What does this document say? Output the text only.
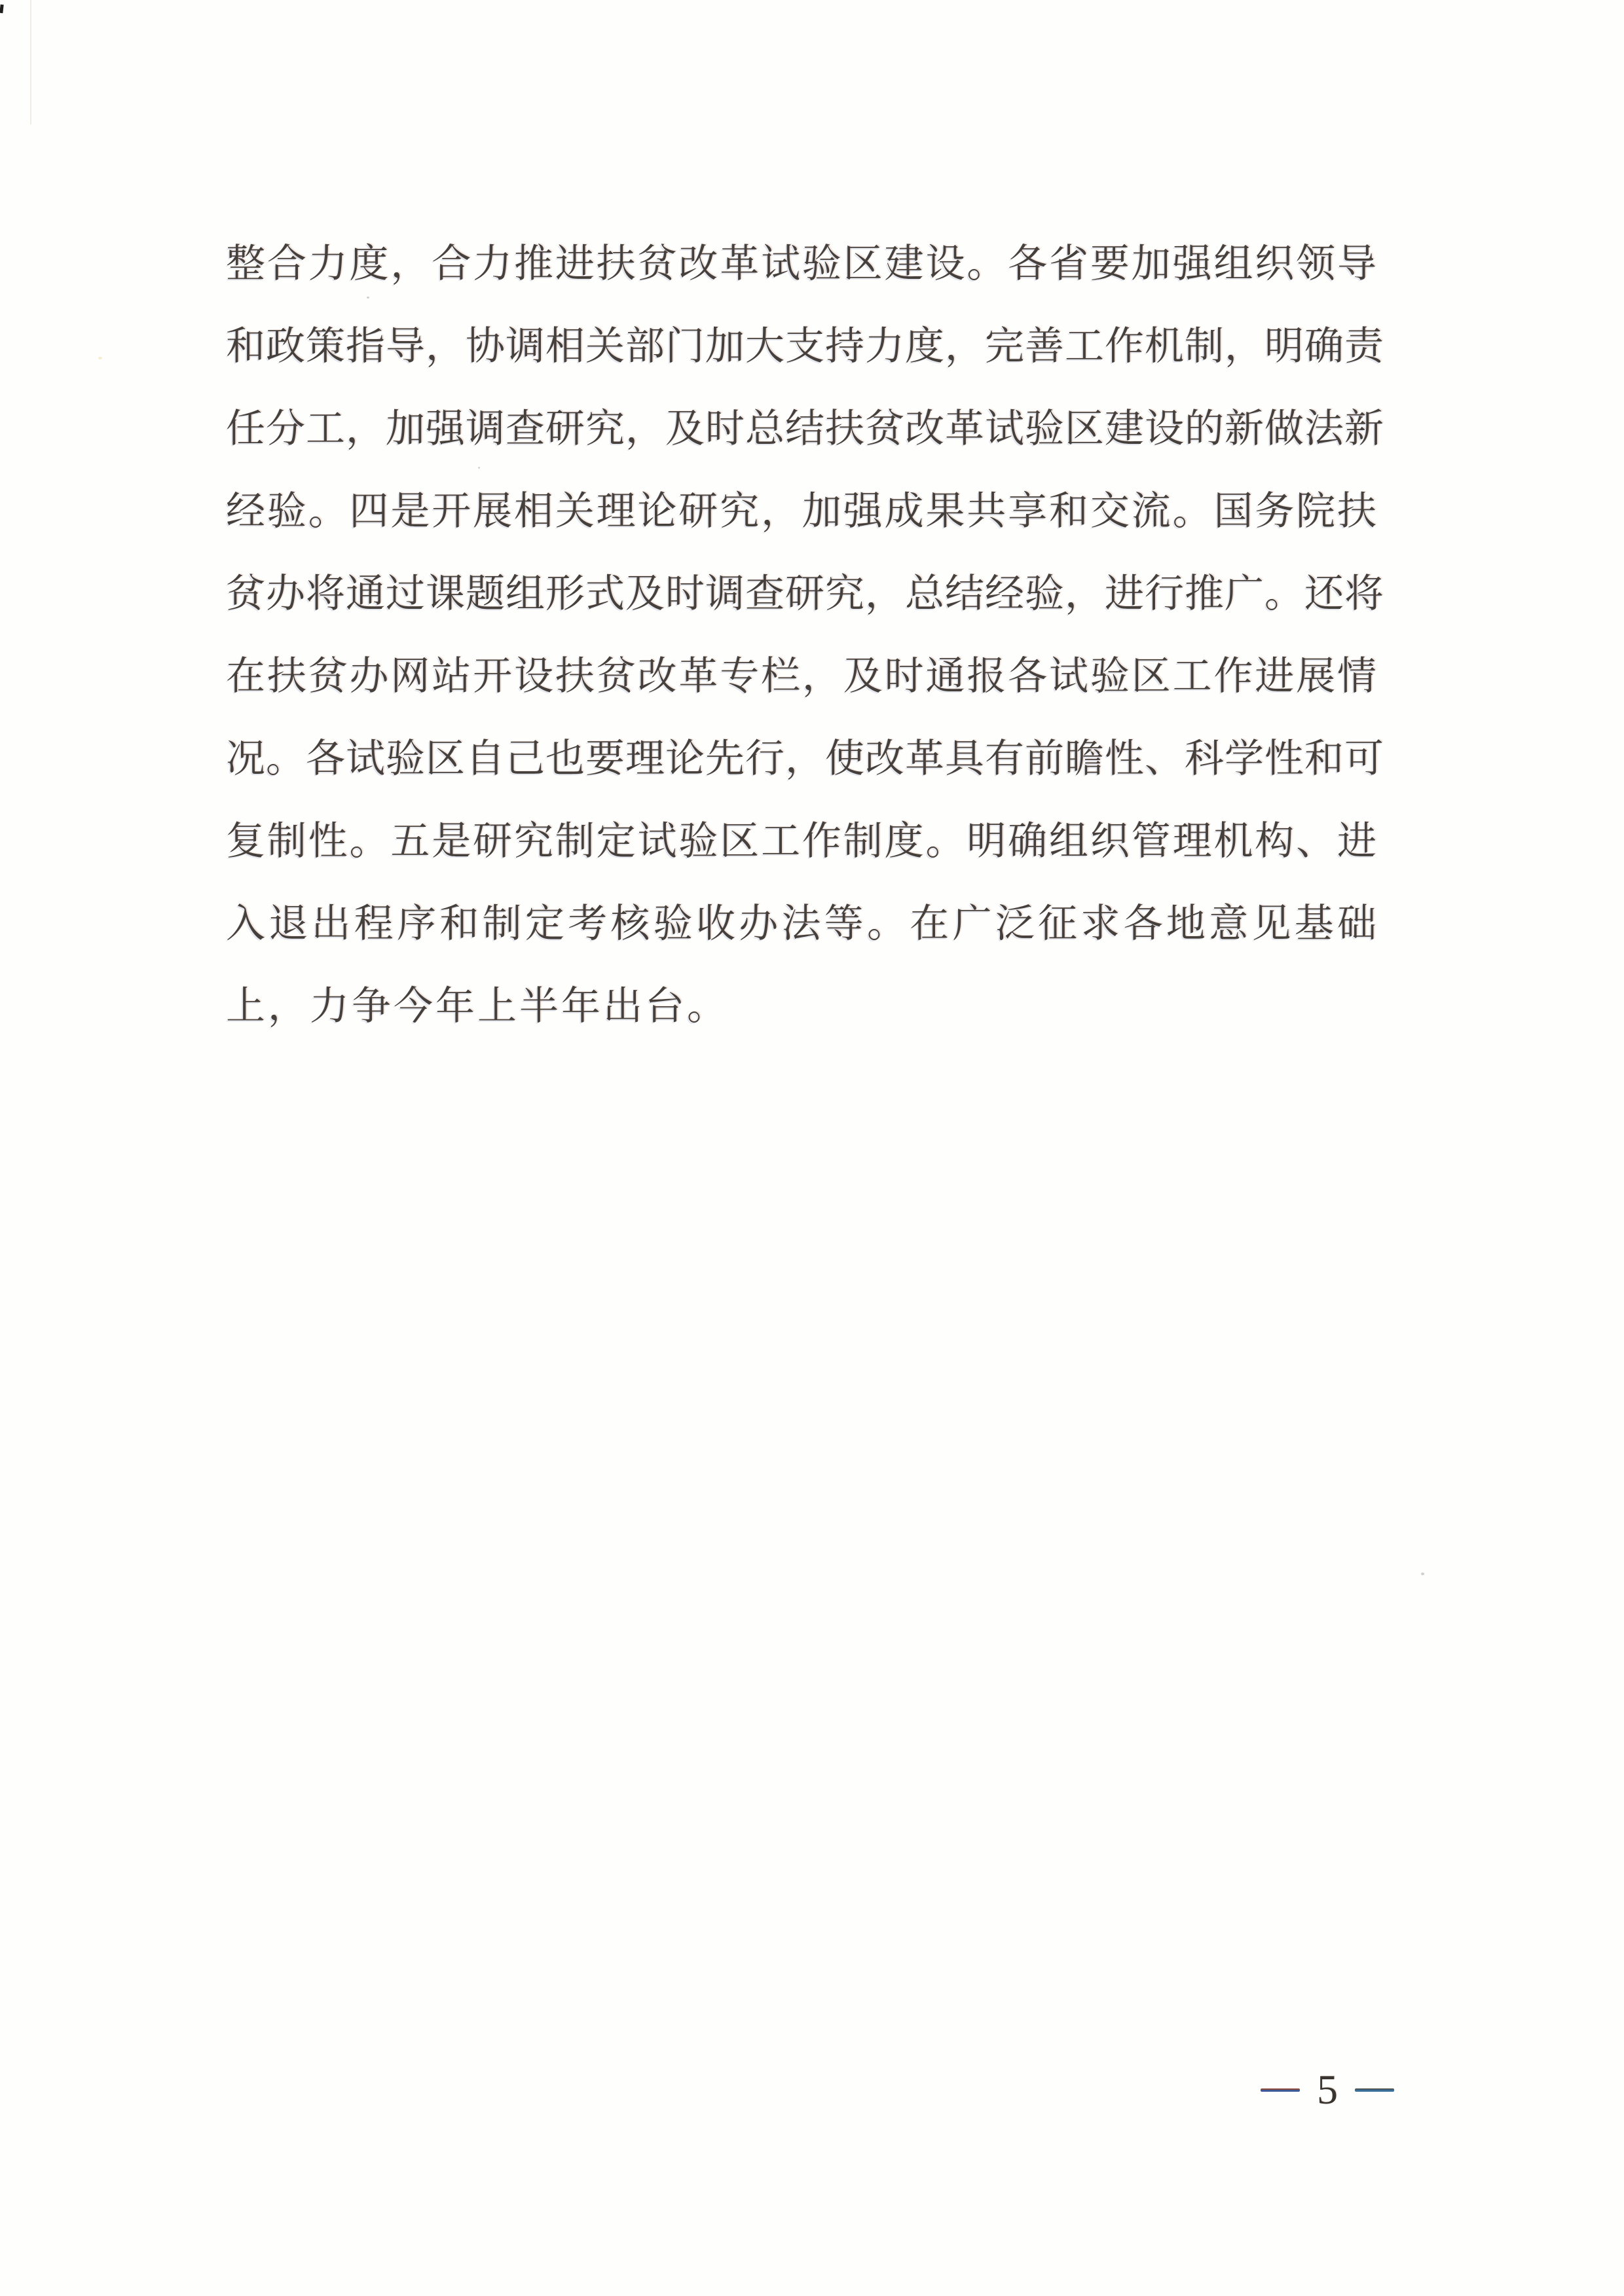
整合力度，合力推进扶贫改革试验区建设。各省要加强组织领导
和政策指导，协调相关部门加大支持力度，完善工作机制，明确责
任分工，加强调查研究，及时总结扶贫改革试验区建设的新做法新
经验。四是开展相关理论研究，加强成果共享和交流。国务院扶
贫办将通过课题组形式及时调查研究，总结经验，进行推广。还将
在扶贫办网站开设扶贫改革专栏，及时通报各试验区工作进展情
况。各试验区自己也要理论先行，使改革具有前瞻性、科学性和可
复制性。五是研究制定试验区工作制度。明确组织管理机构、进
入退出程序和制定考核验收办法等。在广泛征求各地意见基础
上，力争今年上半年出台。
5
